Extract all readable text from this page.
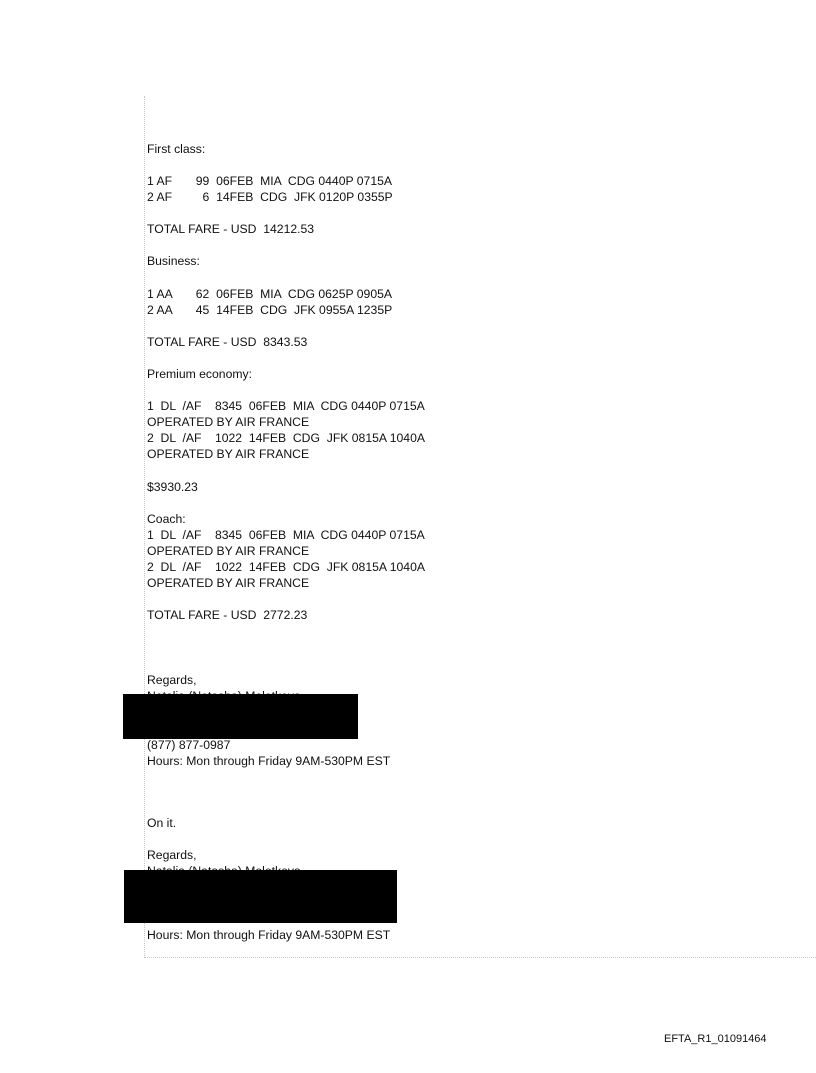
First class:
1 AF       99  06FEB  MIA  CDG 0440P 0715A
2 AF         6  14FEB  CDG  JFK 0120P 0355P
TOTAL FARE - USD  14212.53
Business:
1 AA       62  06FEB  MIA  CDG 0625P 0905A
2 AA       45  14FEB  CDG  JFK 0955A 1235P
TOTAL FARE - USD  8343.53
Premium economy:
1  DL  /AF    8345  06FEB  MIA  CDG 0440P 0715A
OPERATED BY AIR FRANCE
2  DL  /AF    1022  14FEB  CDG  JFK 0815A 1040A
OPERATED BY AIR FRANCE
$3930.23
Coach:
1  DL  /AF    8345  06FEB  MIA  CDG 0440P 0715A
OPERATED BY AIR FRANCE
2  DL  /AF    1022  14FEB  CDG  JFK 0815A 1040A
OPERATED BY AIR FRANCE
TOTAL FARE - USD  2772.23
Regards,
(877) 877-0987
Hours: Mon through Friday 9AM-530PM EST
On it.
Regards,
Hours: Mon through Friday 9AM-530PM EST
EFTA_R1_01091464
